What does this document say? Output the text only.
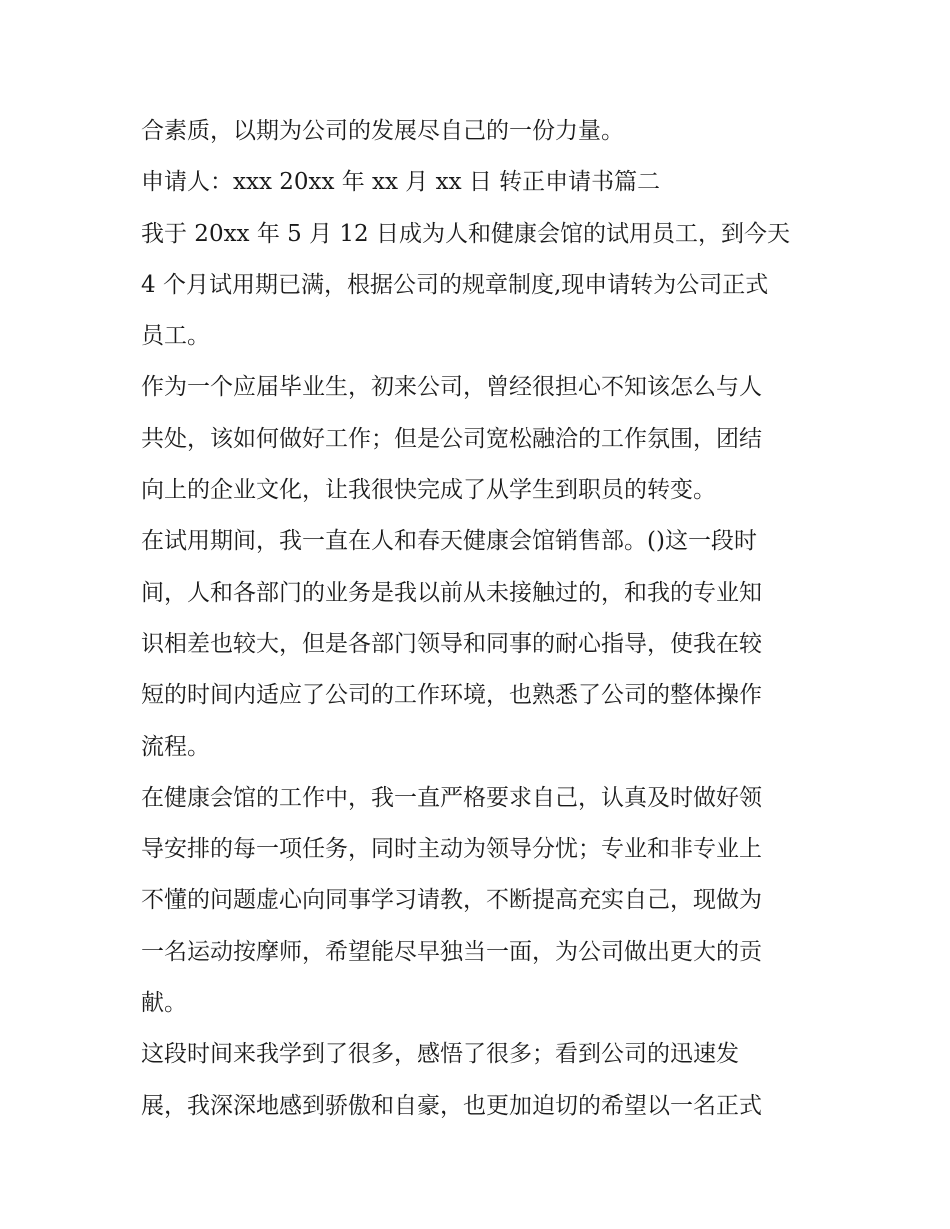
合素质，以期为公司的发展尽自己的一份力量。
申请人：xxx 20xx 年 xx 月 xx 日 转正申请书篇二
我于 20xx 年 5 月 12 日成为人和健康会馆的试用员工，到今天
4 个月试用期已满，根据公司的规章制度,现申请转为公司正式
员工。
作为一个应届毕业生，初来公司，曾经很担心不知该怎么与人
共处，该如何做好工作；但是公司宽松融洽的工作氛围，团结
向上的企业文化，让我很快完成了从学生到职员的转变。
在试用期间，我一直在人和春天健康会馆销售部。()这一段时
间，人和各部门的业务是我以前从未接触过的，和我的专业知
识相差也较大，但是各部门领导和同事的耐心指导，使我在较
短的时间内适应了公司的工作环境，也熟悉了公司的整体操作
流程。
在健康会馆的工作中，我一直严格要求自己，认真及时做好领
导安排的每一项任务，同时主动为领导分忧；专业和非专业上
不懂的问题虚心向同事学习请教，不断提高充实自己，现做为
一名运动按摩师，希望能尽早独当一面，为公司做出更大的贡
献。
这段时间来我学到了很多，感悟了很多；看到公司的迅速发
展，我深深地感到骄傲和自豪，也更加迫切的希望以一名正式
